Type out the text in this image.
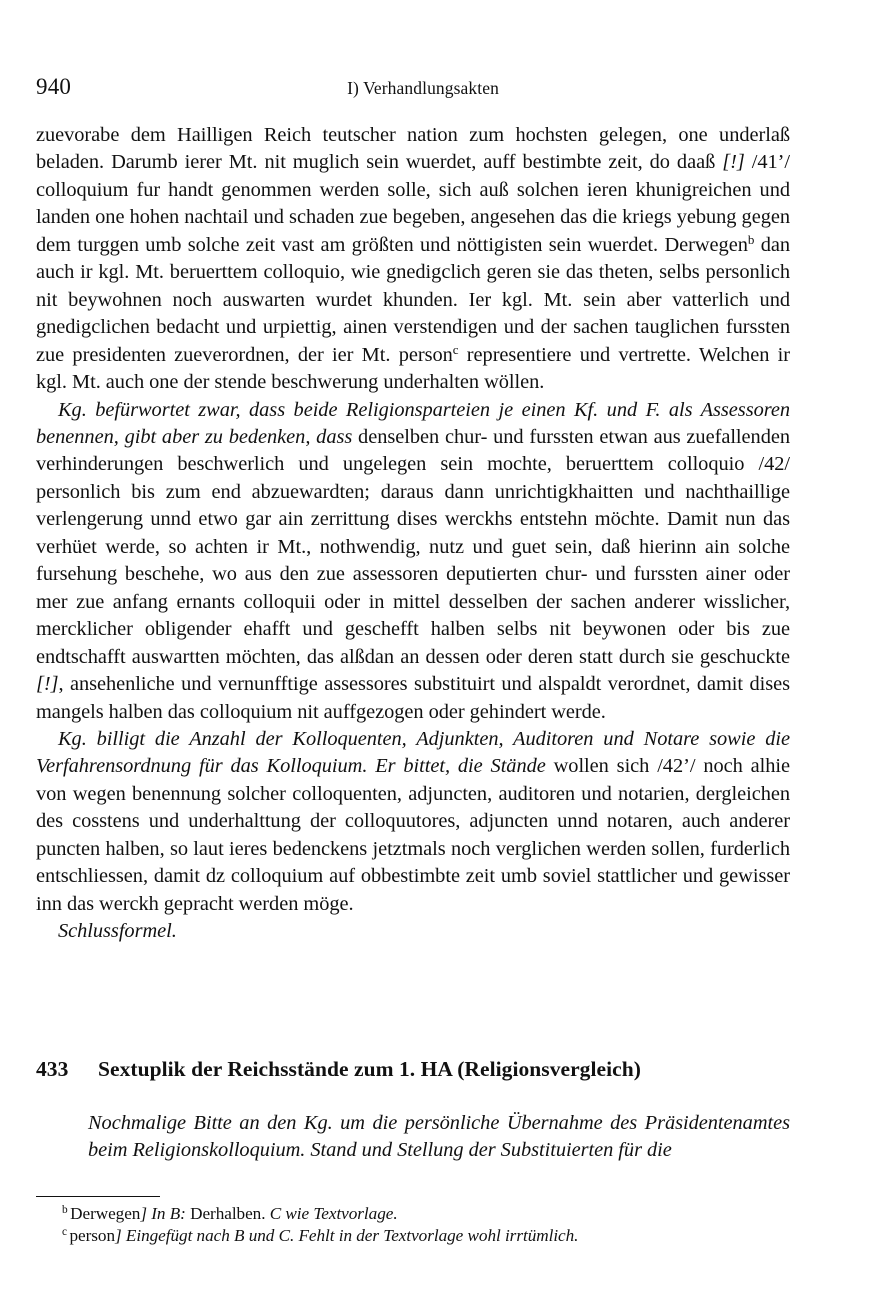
940	I) Verhandlungsakten

zuevorabe dem Hailligen Reich teutscher nation zum hochsten gelegen, one underlaß beladen. Darumb ierer Mt. nit muglich sein wuerdet, auff bestimbte zeit, do daaß [!] /41’/ colloquium fur handt genommen werden solle, sich auß solchen ieren khunigreichen und landen one hohen nachtail und schaden zue begeben, angesehen das die kriegs yebung gegen dem turggen umb solche zeit vast am größten und nöttigisten sein wuerdet. Derwegen$^b$ dan auch ir kgl. Mt. beruerttem colloquio, wie gnedigclich geren sie das theten, selbs personlich nit beywohnen noch auswarten wurdet khunden. Ier kgl. Mt. sein aber vatterlich und gnedigclichen bedacht und urpiettig, ainen verstendigen und der sachen tauglichen furssten zue presidenten zueverordnen, der ier Mt. person$^c$ representiere und vertrette. Welchen ir kgl. Mt. auch one der stende beschwerung underhalten wöllen.

Kg. befürwortet zwar, dass beide Religionsparteien je einen Kf. und F. als Assessoren benennen, gibt aber zu bedenken, dass denselben chur- und furssten etwan aus zuefallenden verhinderungen beschwerlich und ungelegen sein mochte, beruerttem colloquio /42/ personlich bis zum end abzuewardten; daraus dann unrichtigkhaitten und nachthaillige verlengerung unnd etwo gar ain zerrittung dises werckhs entstehn möchte. Damit nun das verhüet werde, so achten ir Mt., nothwendig, nutz und guet sein, daß hierinn ain solche fursehung beschehe, wo aus den zue assessoren deputierten chur- und furssten ainer oder mer zue anfang ernants colloquii oder in mittel desselben der sachen anderer wisslicher, mercklicher obligender ehafft und geschefft halben selbs nit beywonen oder bis zue endtschafft auswartten möchten, das alßdan an dessen oder deren statt durch sie geschuckte [!], ansehenliche und vernunfftige assessores substituirt und alspaldt verordnet, damit dises mangels halben das colloquium nit auffgezogen oder gehindert werde.

Kg. billigt die Anzahl der Kolloquenten, Adjunkten, Auditoren und Notare sowie die Verfahrensordnung für das Kolloquium. Er bittet, die Stände wollen sich /42’/ noch alhie von wegen benennung solcher colloquenten, adjuncten, auditoren und notarien, dergleichen des cosstens und underhalttung der colloquutores, adjuncten unnd notaren, auch anderer puncten halben, so laut ieres bedenckens jetztmals noch verglichen werden sollen, furderlich entschliessen, damit dz colloquium auf obbestimbte zeit umb soviel stattlicher und gewisser inn das werckh gepracht werden möge.

Schlussformel.

433 Sextuplik der Reichsstände zum 1. HA (Religionsvergleich)
Nochmalige Bitte an den Kg. um die persönliche Übernahme des Präsidentenamtes beim Religionskolloquium. Stand und Stellung der Substituierten für die

$^b$ Derwegen] In B: Derhalben. C wie Textvorlage.

$^c$ person] Eingefügt nach B und C. Fehlt in der Textvorlage wohl irrtümlich.
